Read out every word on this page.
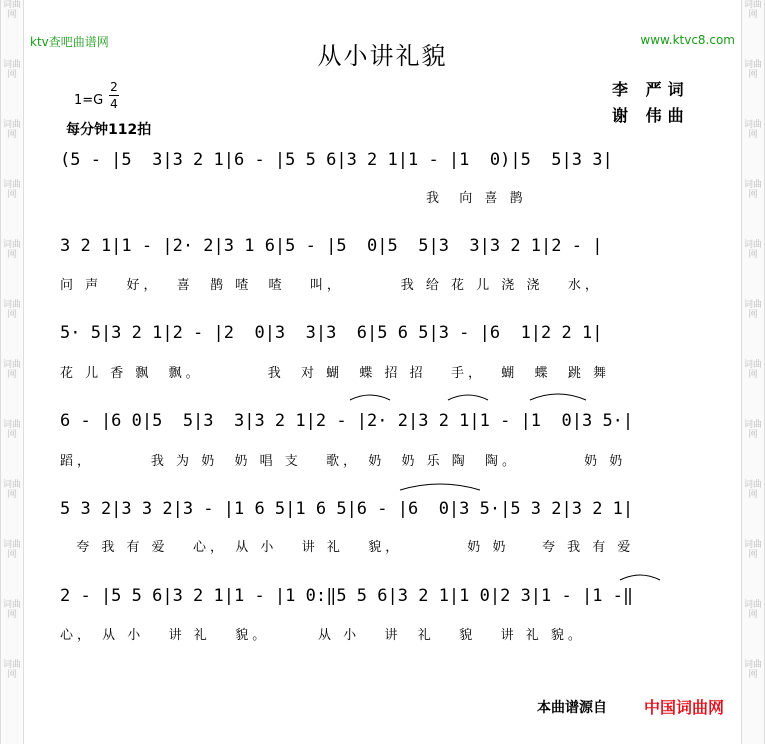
词曲网
词曲网
词曲网
词曲网
词曲网
词曲网
词曲网
词曲网
词曲网
词曲网
词曲网
词曲网
词曲网
词曲网
词曲网
词曲网
词曲网
词曲网
词曲网
词曲网
词曲网
词曲网
词曲网
词曲网
ktv查吧曲谱网	www.ktvc8.com
从小讲礼貌
1=G
2
4
每分钟112拍
李 严词
谢 伟曲
(5 - |5  3|3 2 1|6 - |5 5 6|3 2 1|1 - |1  0)|5  5|3 3|
我  向 喜 鹊
3 2 1|1 - |2· 2|3 1 6|5 - |5  0|5  5|3  3|3 2 1|2 - |
问 声   好，  喜  鹊 喳  喳   叫，       我 给 花 儿 浇 浇   水，
5· 5|3 2 1|2 - |2  0|3  3|3  6|5 6 5|3 - |6  1|2 2 1|
花 儿 香 飘  飘。        我  对 蝴  蝶 招 招   手，  蝴  蝶  跳 舞
6 - |6 0|5  5|3  3|3 2 1|2 - |2· 2|3 2 1|1 - |1  0|3 5·|
蹈，       我 为 奶  奶 唱 支   歌， 奶  奶 乐 陶  陶。        奶 奶
5 3 2|3 3 2|3 - |1 6 5|1 6 5|6 - |6  0|3 5·|5 3 2|3 2 1|
夸 我 有 爱   心， 从 小   讲 礼   貌，        奶 奶    夸 我 有 爱
2 - |5 5 6|3 2 1|1 - |1 0:‖5 5 6|3 2 1|1 0|2 3|1 - |1 -‖
心， 从 小   讲 礼   貌。      从 小   讲  礼   貌   讲 礼 貌。
本曲谱源自 中国词曲网
